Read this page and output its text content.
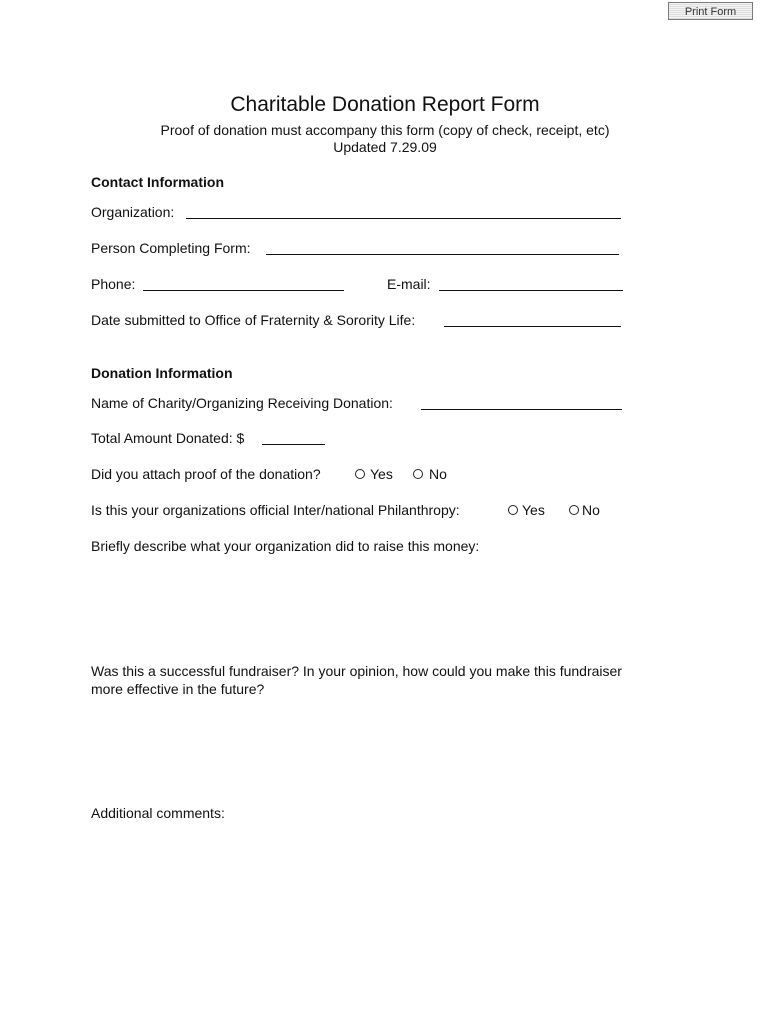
Print Form
Charitable Donation Report Form
Proof of donation must accompany this form (copy of check, receipt, etc)
Updated 7.29.09
Contact Information
Organization:
Person Completing Form:
Phone:	E-mail:
Date submitted to Office of Fraternity & Sorority Life:
Donation Information
Name of Charity/Organizing Receiving Donation:
Total Amount Donated: $
Did you attach proof of the donation?	Yes	No
Is this your organizations official Inter/national Philanthropy:	Yes	No
Briefly describe what your organization did to raise this money:
Was this a successful fundraiser? In your opinion, how could you make this fundraiser
more effective in the future?
Additional comments:
